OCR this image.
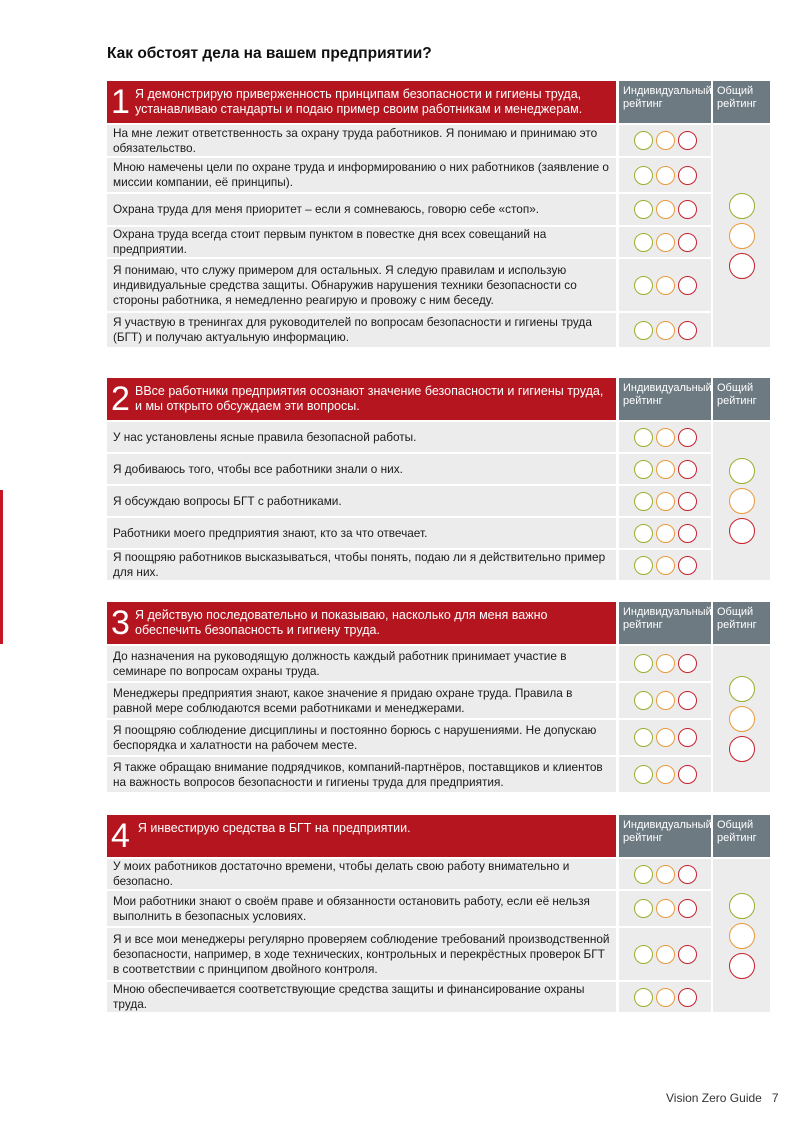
Как обстоят дела на вашем предприятии?
1 Я демонстрирую приверженность принципам безопасности и гигиены труда, устанавливаю стандарты и подаю пример своим работникам и менеджерам.
Индивидуальный рейтинг
Общий рейтинг
На мне лежит ответственность за охрану труда работников. Я понимаю и принимаю это обязательство.
Мною намечены цели по охране труда и информированию о них работников (заявление о миссии компании, её принципы).
Охрана труда для меня приоритет – если я сомневаюсь, говорю себе «стоп».
Охрана труда всегда стоит первым пунктом в повестке дня всех совещаний на предприятии.
Я понимаю, что служу примером для остальных. Я следую правилам и использую индивидуальные средства защиты. Обнаружив нарушения техники безопасности со стороны работника, я немедленно реагирую и провожу с ним беседу.
Я участвую в тренингах для руководителей по вопросам безопасности и гигиены труда (БГТ) и получаю актуальную информацию.
2 ВВсе работники предприятия осознают значение безопасности и гигиены труда, и мы открыто обсуждаем эти вопросы.
Индивидуальный рейтинг
Общий рейтинг
У нас установлены ясные правила безопасной работы.
Я добиваюсь того, чтобы все работники знали о них.
Я обсуждаю вопросы БГТ с работниками.
Работники моего предприятия знают, кто за что отвечает.
Я поощряю работников высказываться, чтобы понять, подаю ли я действительно пример для них.
3 Я действую последовательно и показываю, насколько для меня важно обеспечить безопасность и гигиену труда.
Индивидуальный рейтинг
Общий рейтинг
До назначения на руководящую должность каждый работник принимает участие в семинаре по вопросам охраны труда.
Менеджеры предприятия знают, какое значение я придаю охране труда. Правила в равной мере соблюдаются всеми работниками и менеджерами.
Я поощряю соблюдение дисциплины и постоянно борюсь с нарушениями. Не допускаю беспорядка и халатности на рабочем месте.
Я также обращаю внимание подрядчиков, компаний-партнёров, поставщиков и клиентов на важность вопросов безопасности и гигиены труда для предприятия.
4 Я инвестирую средства в БГТ на предприятии.	Индивидуальный рейтинг
Общий рейтинг
У моих работников достаточно времени, чтобы делать свою работу внимательно и безопасно.
Мои работники знают о своём праве и обязанности остановить работу, если её нельзя выполнить в безопасных условиях.
Я и все мои менеджеры регулярно проверяем соблюдение требований производственной безопасности, например, в ходе технических, контрольных и перекрёстных проверок БГТ в соответствии с принципом двойного контроля.
Мною обеспечивается соответствующие средства защиты и финансирование охраны труда.
Vision Zero Guide 7
